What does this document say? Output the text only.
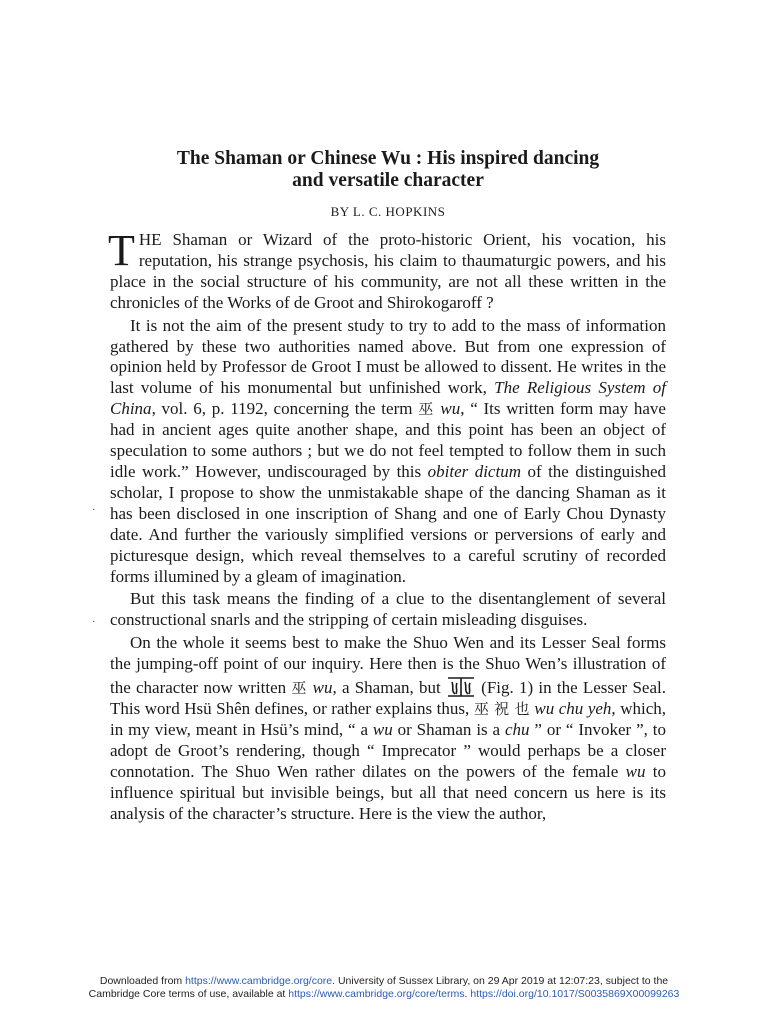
The Shaman or Chinese Wu : His inspired dancing
and versatile character
BY L. C. HOPKINS

THE Shaman or Wizard of the proto-historic Orient, his vocation, his reputation, his strange psychosis, his claim to thaumaturgic powers, and his place in the social structure of his community, are not all these written in the chronicles of the Works of de Groot and Shirokogaroff ?

It is not the aim of the present study to try to add to the mass of information gathered by these two authorities named above. But from one expression of opinion held by Professor de Groot I must be allowed to dissent. He writes in the last volume of his monumental but unfinished work, The Religious System of China, vol. 6, p. 1192, concerning the term 巫 wu, “ Its written form may have had in ancient ages quite another shape, and this point has been an object of speculation to some authors ; but we do not feel tempted to follow them in such idle work.” However, undiscouraged by this obiter dictum of the distinguished scholar, I propose to show the unmistakable shape of the dancing Shaman as it has been disclosed in one inscription of Shang and one of Early Chou Dynasty date. And further the variously simplified versions or perversions of early and picturesque design, which reveal themselves to a careful scrutiny of recorded forms illumined by a gleam of imagination.

But this task means the finding of a clue to the disentanglement of several constructional snarls and the stripping of certain misleading disguises.

On the whole it seems best to make the Shuo Wen and its Lesser Seal forms the jumping-off point of our inquiry. Here then is the Shuo Wen’s illustration of the character now written 巫 wu, a Shaman, but  (Fig. 1) in the Lesser Seal. This word Hsü Shên defines, or rather explains thus, 巫 祝 也 wu chu yeh, which, in my view, meant in Hsü’s mind, “ a wu or Shaman is a chu ” or “ Invoker ”, to adopt de Groot’s rendering, though “ Imprecator ” would perhaps be a closer connotation. The Shuo Wen rather dilates on the powers of the female wu to influence spiritual but invisible beings, but all that need concern us here is its analysis of the character’s structure. Here is the view the author,

·
·
Downloaded from https://www.cambridge.org/core. University of Sussex Library, on 29 Apr 2019 at 12:07:23, subject to the
Cambridge Core terms of use, available at https://www.cambridge.org/core/terms. https://doi.org/10.1017/S0035869X00099263
